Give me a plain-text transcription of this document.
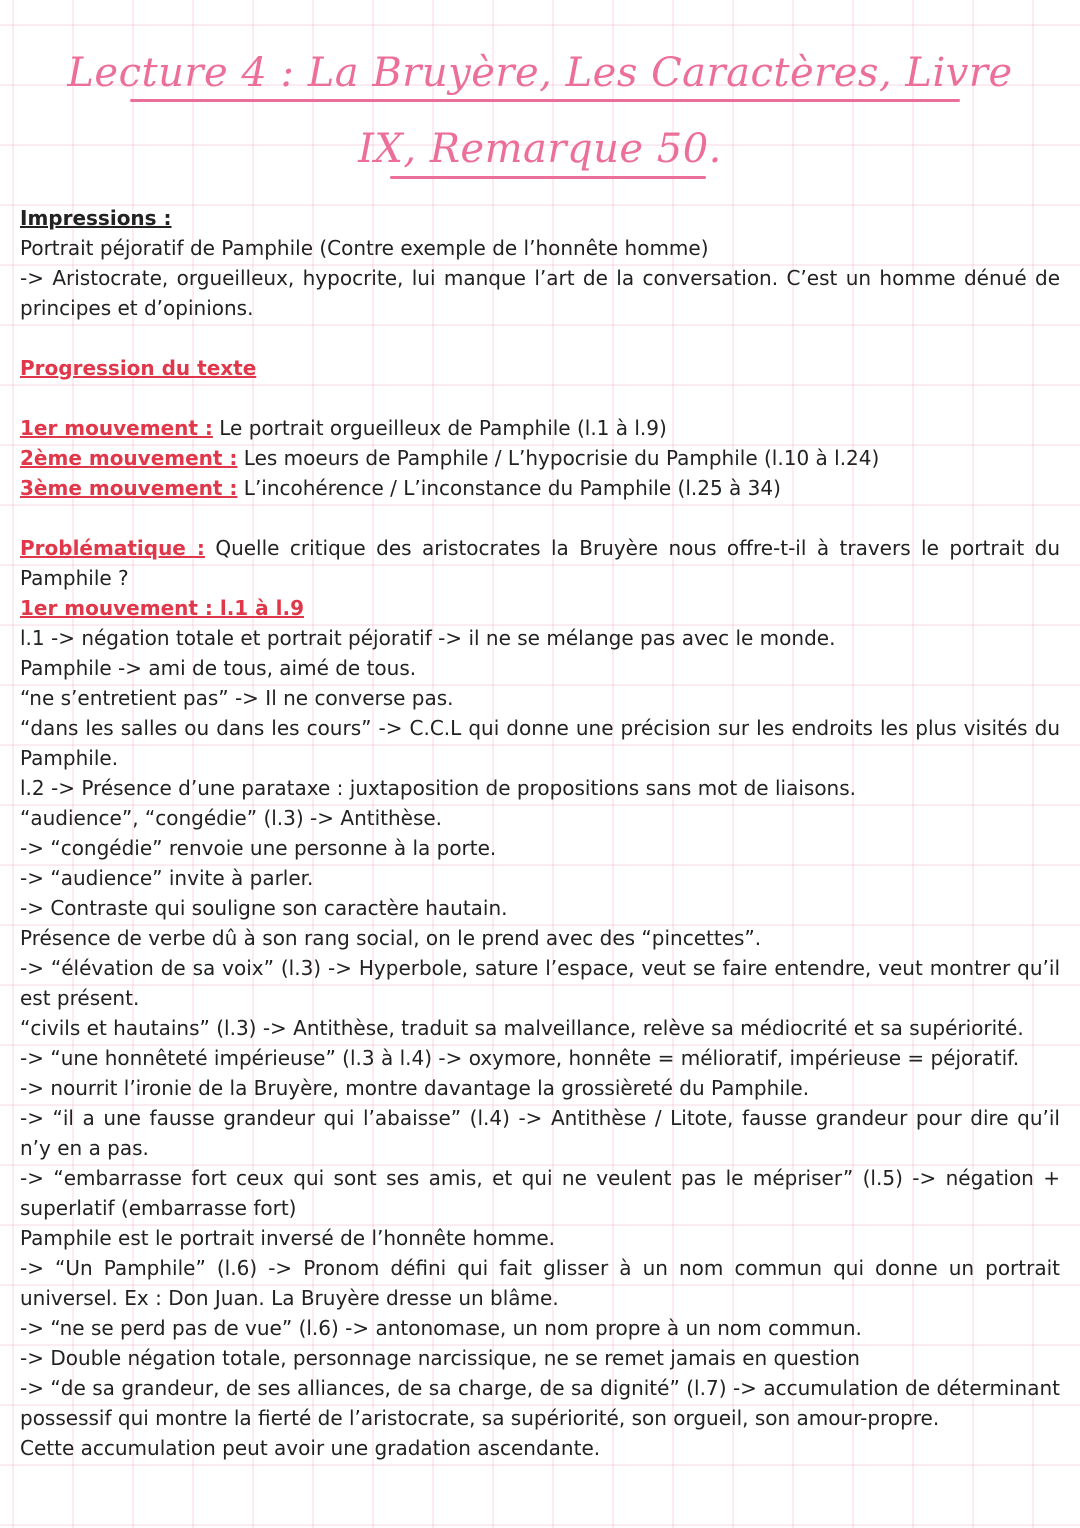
Lecture 4 : La Bruyère, Les Caractères, Livre
IX, Remarque 50.

Impressions :

Portrait péjoratif de Pamphile (Contre exemple de l’honnête homme)

-> Aristocrate, orgueilleux, hypocrite, lui manque l’art de la conversation. C’est un homme dénué de principes et d’opinions.

Progression du texte

1er mouvement : Le portrait orgueilleux de Pamphile (l.1 à l.9)

2ème mouvement : Les moeurs de Pamphile / L’hypocrisie du Pamphile (l.10 à l.24)

3ème mouvement : L’incohérence / L’inconstance du Pamphile (l.25 à 34)

Problématique : Quelle critique des aristocrates la Bruyère nous offre-t-il à travers le portrait du Pamphile ?

1er mouvement : l.1 à l.9

l.1 -> négation totale et portrait péjoratif -> il ne se mélange pas avec le monde.

Pamphile -> ami de tous, aimé de tous.

“ne s’entretient pas” -> Il ne converse pas.

“dans les salles ou dans les cours” -> C.C.L qui donne une précision sur les endroits les plus visités du Pamphile.

l.2 -> Présence d’une parataxe : juxtaposition de propositions sans mot de liaisons.

“audience”, “congédie” (l.3) -> Antithèse.

-> “congédie” renvoie une personne à la porte.

-> “audience” invite à parler.

-> Contraste qui souligne son caractère hautain.

Présence de verbe dû à son rang social, on le prend avec des “pincettes”.

-> “élévation de sa voix” (l.3) -> Hyperbole, sature l’espace, veut se faire entendre, veut montrer qu’il est présent.

“civils et hautains” (l.3) -> Antithèse, traduit sa malveillance, relève sa médiocrité et sa supériorité.

-> “une honnêteté impérieuse” (l.3 à l.4) -> oxymore, honnête = mélioratif, impérieuse = péjoratif.

-> nourrit l’ironie de la Bruyère, montre davantage la grossièreté du Pamphile.

-> “il a une fausse grandeur qui l’abaisse” (l.4) -> Antithèse / Litote, fausse grandeur pour dire qu’il n’y en a pas.

-> “embarrasse fort ceux qui sont ses amis, et qui ne veulent pas le mépriser” (l.5) -> négation + superlatif (embarrasse fort)

Pamphile est le portrait inversé de l’honnête homme.

-> “Un Pamphile” (l.6) -> Pronom défini qui fait glisser à un nom commun qui donne un portrait universel. Ex : Don Juan. La Bruyère dresse un blâme.

-> “ne se perd pas de vue” (l.6) -> antonomase, un nom propre à un nom commun.

-> Double négation totale, personnage narcissique, ne se remet jamais en question

-> “de sa grandeur, de ses alliances, de sa charge, de sa dignité” (l.7) -> accumulation de déterminant possessif qui montre la fierté de l’aristocrate, sa supériorité, son orgueil, son amour-propre.

Cette accumulation peut avoir une gradation ascendante.
